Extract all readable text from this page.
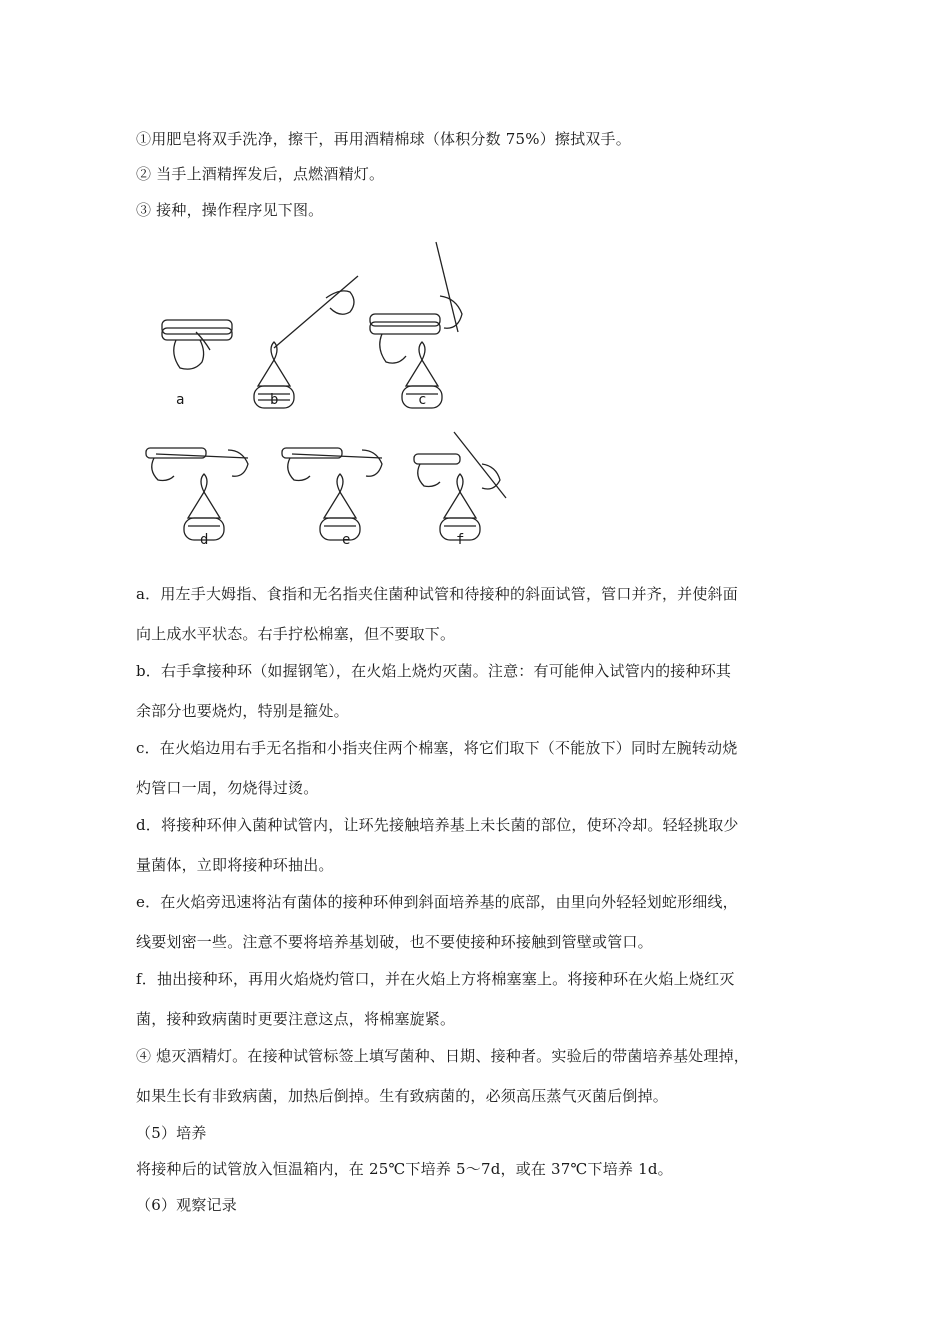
①用肥皂将双手洗净，擦干，再用酒精棉球（体积分数 75%）擦拭双手。
② 当手上酒精挥发后，点燃酒精灯。
③ 接种，操作程序见下图。
a	b	c
d	e	f
a．用左手大姆指、食指和无名指夹住菌种试管和待接种的斜面试管，管口并齐，并使斜面
向上成水平状态。右手拧松棉塞，但不要取下。
b．右手拿接种环（如握钢笔），在火焰上烧灼灭菌。注意：有可能伸入试管内的接种环其
余部分也要烧灼，特别是箍处。
c．在火焰边用右手无名指和小指夹住两个棉塞，将它们取下（不能放下）同时左腕转动烧
灼管口一周，勿烧得过烫。
d．将接种环伸入菌种试管内，让环先接触培养基上未长菌的部位，使环冷却。轻轻挑取少
量菌体，立即将接种环抽出。
e．在火焰旁迅速将沾有菌体的接种环伸到斜面培养基的底部，由里向外轻轻划蛇形细线，
线要划密一些。注意不要将培养基划破，也不要使接种环接触到管壁或管口。
f．抽出接种环，再用火焰烧灼管口，并在火焰上方将棉塞塞上。将接种环在火焰上烧红灭
菌，接种致病菌时更要注意这点，将棉塞旋紧。
④ 熄灭酒精灯。在接种试管标签上填写菌种、日期、接种者。实验后的带菌培养基处理掉，
如果生长有非致病菌，加热后倒掉。生有致病菌的，必须高压蒸气灭菌后倒掉。
（5）培养
将接种后的试管放入恒温箱内，在 25℃下培养 5～7d，或在 37℃下培养 1d。
（6）观察记录
